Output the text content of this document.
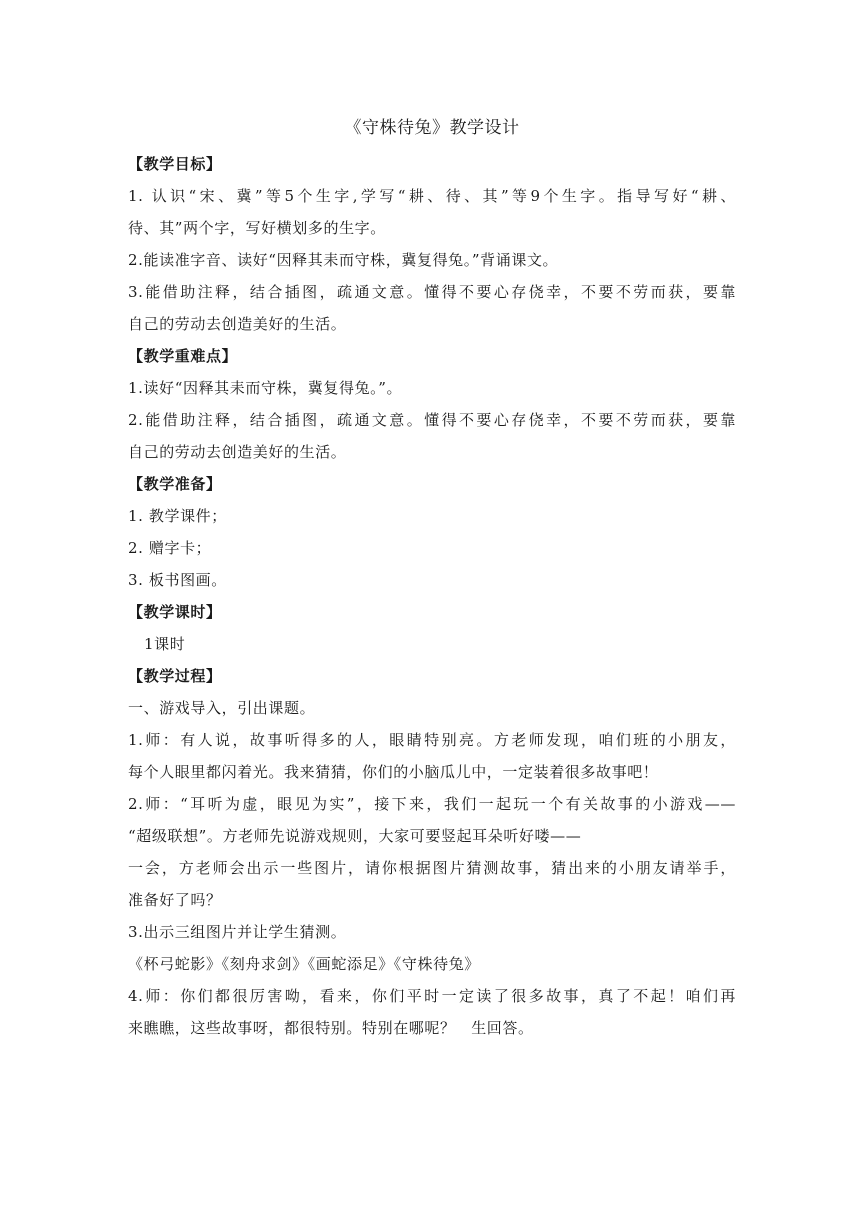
《守株待兔》教学设计

【教学目标】

1. 认识“宋、冀”等5个生字,学写“耕、待、其”等9个生字。指导写好“耕、

待、其”两个字，写好横划多的生字。

2.能读准字音、读好“因释其耒而守株，冀复得兔。”背诵课文。

3.能借助注释，结合插图，疏通文意。懂得不要心存侥幸，不要不劳而获，要靠

自己的劳动去创造美好的生活。

【教学重难点】

1.读好“因释其耒而守株，冀复得兔。”。

2.能借助注释，结合插图，疏通文意。懂得不要心存侥幸，不要不劳而获，要靠

自己的劳动去创造美好的生活。

【教学准备】

1. 教学课件；

2. 赠字卡；

3. 板书图画。

【教学课时】

1课时

【教学过程】

一、游戏导入，引出课题。

1.师：有人说，故事听得多的人，眼睛特别亮。方老师发现，咱们班的小朋友，

每个人眼里都闪着光。我来猜猜，你们的小脑瓜儿中，一定装着很多故事吧！

2.师：“耳听为虚，眼见为实”，接下来，我们一起玩一个有关故事的小游戏——

“超级联想”。方老师先说游戏规则，大家可要竖起耳朵听好喽——

一会，方老师会出示一些图片，请你根据图片猜测故事，猜出来的小朋友请举手，

准备好了吗？

3.出示三组图片并让学生猜测。

《杯弓蛇影》《刻舟求剑》《画蛇添足》《守株待兔》

4.师：你们都很厉害呦，看来，你们平时一定读了很多故事，真了不起！咱们再

来瞧瞧，这些故事呀，都很特别。特别在哪呢？　生回答。
